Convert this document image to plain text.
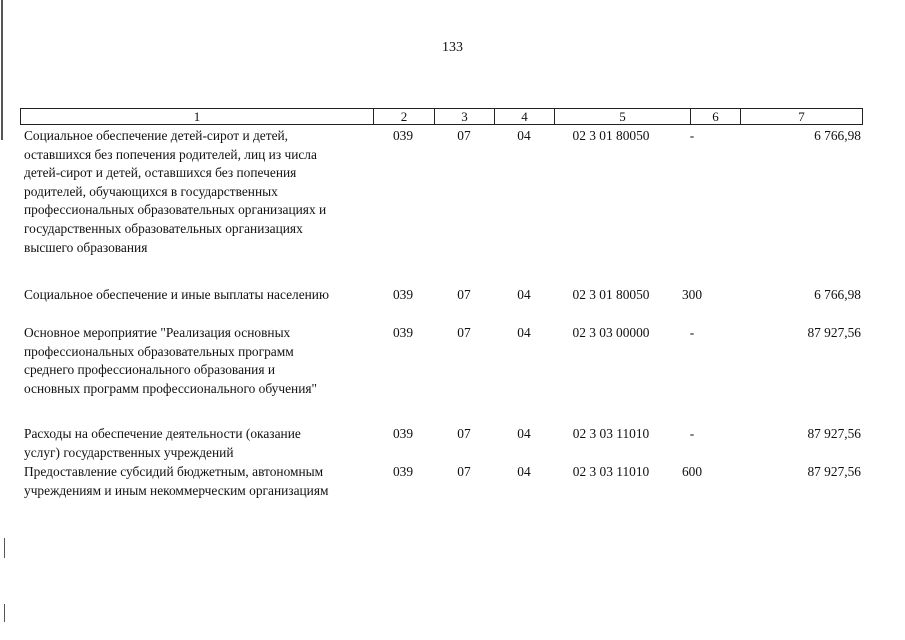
133
1	2	3	4	5	6	7
Социальное обеспечение детей-сирот и детей,
оставшихся без попечения родителей, лиц из числа
детей-сирот и детей, оставшихся без попечения
родителей, обучающихся в государственных
профессиональных образовательных организациях и
государственных образовательных организациях
высшего образования
039	07	04	02 3 01 80050	-	6 766,98
Социальное обеспечение и иные выплаты населению	039	07	04	02 3 01 80050	300	6 766,98
Основное мероприятие "Реализация основных
профессиональных образовательных программ
среднего профессионального образования и
основных программ профессионального обучения"
039	07	04	02 3 03 00000	-	87 927,56
Расходы на обеспечение деятельности (оказание
услуг) государственных учреждений
039	07	04	02 3 03 11010	-	87 927,56
Предоставление субсидий бюджетным, автономным
учреждениям и иным некоммерческим организациям
039	07	04	02 3 03 11010	600	87 927,56
